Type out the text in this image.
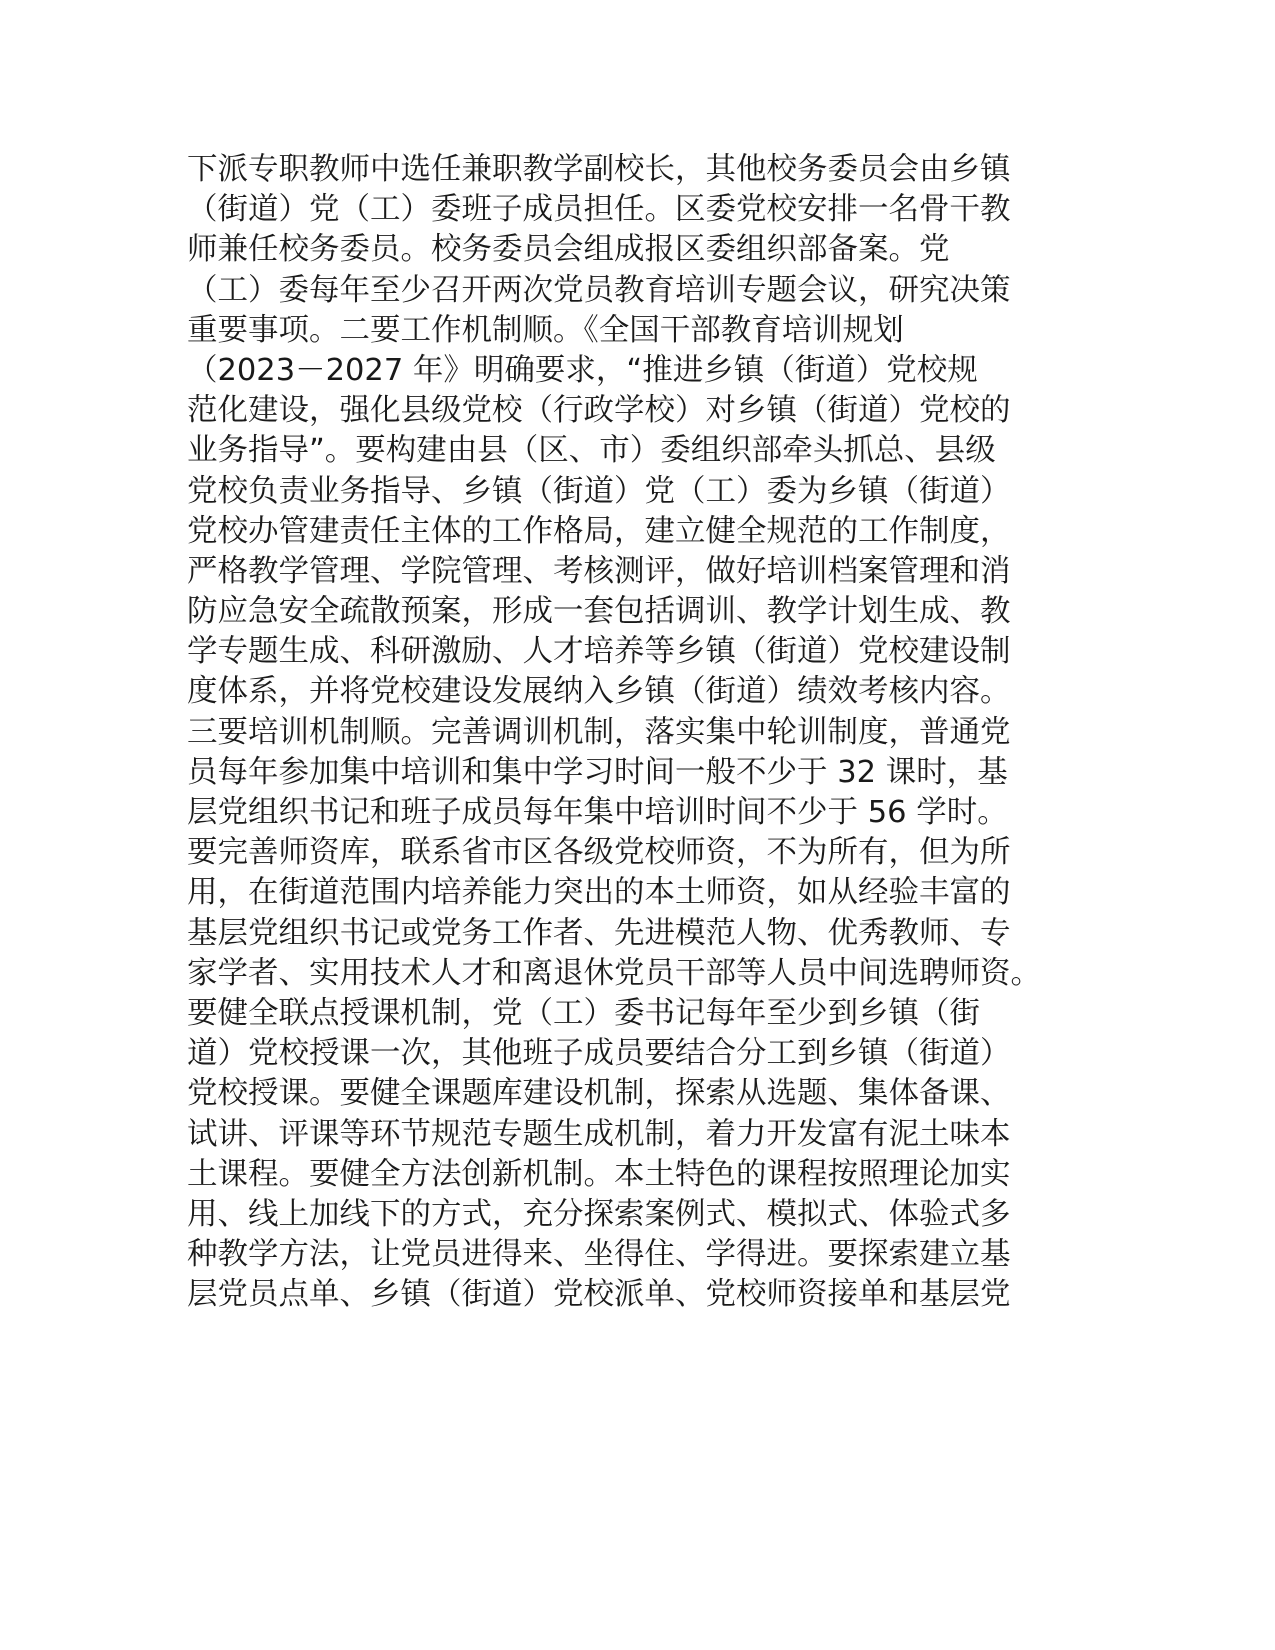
下派专职教师中选任兼职教学副校长，其他校务委员会由乡镇
（街道）党（工）委班子成员担任。区委党校安排一名骨干教
师兼任校务委员。校务委员会组成报区委组织部备案。党
（工）委每年至少召开两次党员教育培训专题会议，研究决策
重要事项。二要工作机制顺。《全国干部教育培训规划
（2023－2027 年》明确要求，“推进乡镇（街道）党校规
范化建设，强化县级党校（行政学校）对乡镇（街道）党校的
业务指导”。要构建由县（区、市）委组织部牵头抓总、县级
党校负责业务指导、乡镇（街道）党（工）委为乡镇（街道）
党校办管建责任主体的工作格局，建立健全规范的工作制度，
严格教学管理、学院管理、考核测评，做好培训档案管理和消
防应急安全疏散预案，形成一套包括调训、教学计划生成、教
学专题生成、科研激励、人才培养等乡镇（街道）党校建设制
度体系，并将党校建设发展纳入乡镇（街道）绩效考核内容。
三要培训机制顺。完善调训机制，落实集中轮训制度，普通党
员每年参加集中培训和集中学习时间一般不少于 32 课时，基
层党组织书记和班子成员每年集中培训时间不少于 56 学时。
要完善师资库，联系省市区各级党校师资，不为所有，但为所
用，在街道范围内培养能力突出的本土师资，如从经验丰富的
基层党组织书记或党务工作者、先进模范人物、优秀教师、专
家学者、实用技术人才和离退休党员干部等人员中间选聘师资。
要健全联点授课机制，党（工）委书记每年至少到乡镇（街
道）党校授课一次，其他班子成员要结合分工到乡镇（街道）
党校授课。要健全课题库建设机制，探索从选题、集体备课、
试讲、评课等环节规范专题生成机制，着力开发富有泥土味本
土课程。要健全方法创新机制。本土特色的课程按照理论加实
用、线上加线下的方式，充分探索案例式、模拟式、体验式多
种教学方法，让党员进得来、坐得住、学得进。要探索建立基
层党员点单、乡镇（街道）党校派单、党校师资接单和基层党
